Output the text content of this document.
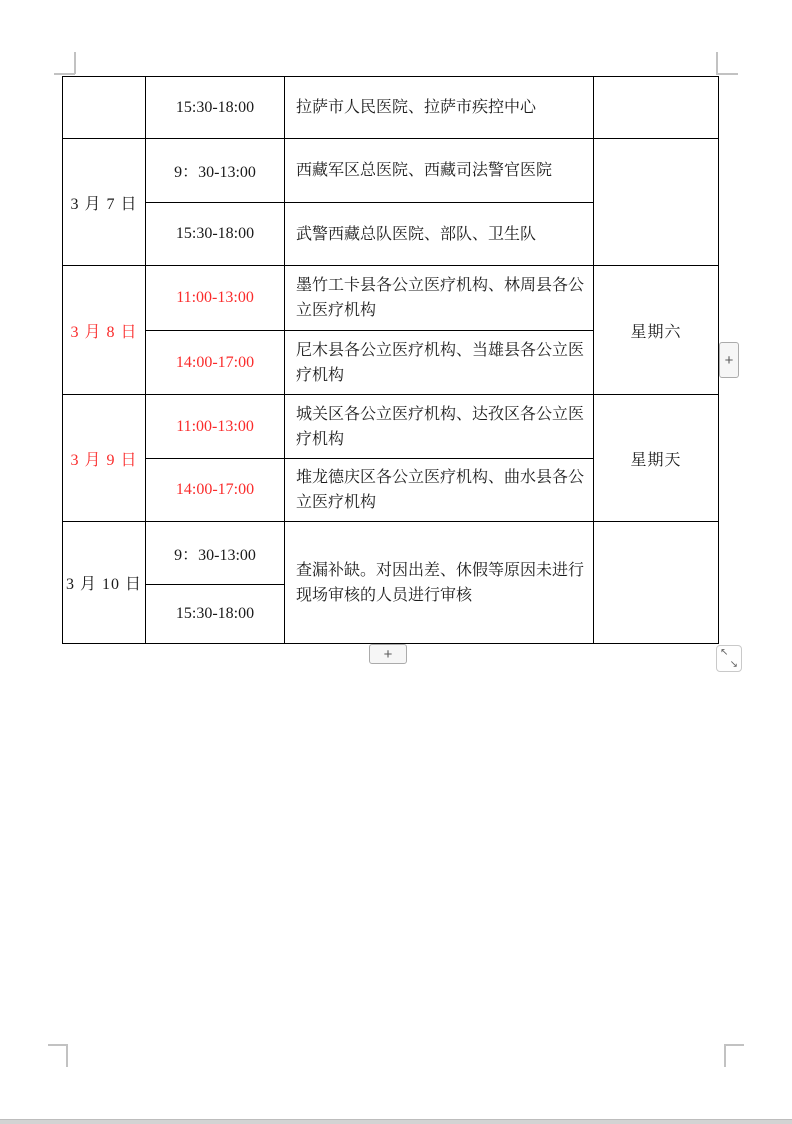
	15:30-18:00	拉萨市人民医院、拉萨市疾控中心	
3 月 7 日	9：30-13:00	西藏军区总医院、西藏司法警官医院	
	15:30-18:00	武警西藏总队医院、部队、卫生队	
3 月 8 日	11:00-13:00	墨竹工卡县各公立医疗机构、林周县各公立医疗机构	星期六
	14:00-17:00	尼木县各公立医疗机构、当雄县各公立医疗机构	
3 月 9 日	11:00-13:00	城关区各公立医疗机构、达孜区各公立医疗机构	星期天
	14:00-17:00	堆龙德庆区各公立医疗机构、曲水县各公立医疗机构	
3 月 10 日	9：30-13:00	查漏补缺。对因出差、休假等原因未进行现场审核的人员进行审核	
	15:30-18:00		
+
+	↖
↘
